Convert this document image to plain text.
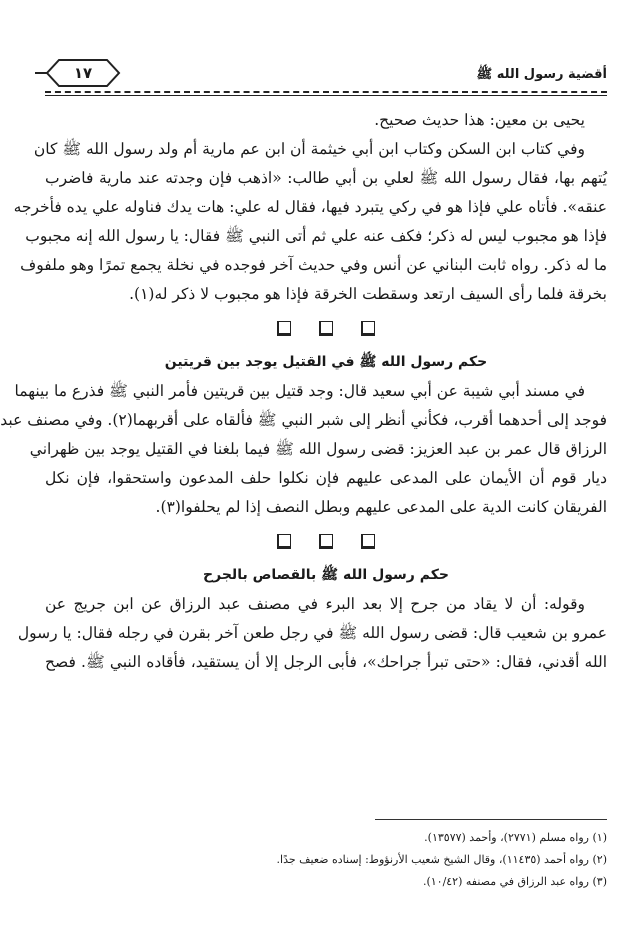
١٧	أقضية رسول الله ﷺ
يحيى بن معين: هذا حديث صحيح.
وفي كتاب ابن السكن وكتاب ابن أبي خيثمة أن ابن عم مارية أم ولد رسول الله ﷺ كان
يُتهم بها، فقال رسول الله ﷺ لعلي بن أبي طالب: «اذهب فإن وجدته عند مارية فاضرب
عنقه». فأتاه علي فإذا هو في ركي يتبرد فيها، فقال له علي: هات يدك فناوله علي يده فأخرجه
فإذا هو مجبوب ليس له ذكر؛ فكف عنه علي ثم أتى النبي ﷺ فقال: يا رسول الله إنه مجبوب
ما له ذكر. رواه ثابت البناني عن أنس وفي حديث آخر فوجده في نخلة يجمع تمرًا وهو ملفوف
بخرقة فلما رأى السيف ارتعد وسقطت الخرقة فإذا هو مجبوب لا ذكر له(١).
حكم رسول الله ﷺ في القتيل يوجد بين قريتين
في مسند أبي شيبة عن أبي سعيد قال: وجد قتيل بين قريتين فأمر النبي ﷺ فذرع ما بينهما
فوجد إلى أحدهما أقرب، فكأني أنظر إلى شبر النبي ﷺ فألقاه على أقربهما(٢). وفي مصنف عبد
الرزاق قال عمر بن عبد العزيز: قضى رسول الله ﷺ فيما بلغنا في القتيل يوجد بين ظهراني
ديار قوم أن الأيمان على المدعى عليهم فإن نكلوا حلف المدعون واستحقوا، فإن نكل
الفريقان كانت الدية على المدعى عليهم وبطل النصف إذا لم يحلفوا(٣).
حكم رسول الله ﷺ بالقصاص بالجرح
وقوله: أن لا يقاد من جرح إلا بعد البرء في مصنف عبد الرزاق عن ابن جريج عن
عمرو بن شعيب قال: قضى رسول الله ﷺ في رجل طعن آخر بقرن في رجله فقال: يا رسول
الله أقدني، فقال: «حتى تبرأ جراحك»، فأبى الرجل إلا أن يستقيد، فأقاده النبي ﷺ. فصح
(١) رواه مسلم (٢٧٧١)، وأحمد (١٣٥٧٧).
(٢) رواه أحمد (١١٤٣٥)، وقال الشيخ شعيب الأرنؤوط: إسناده ضعيف جدًا.
(٣) رواه عبد الرزاق في مصنفه (١٠/٤٢).
